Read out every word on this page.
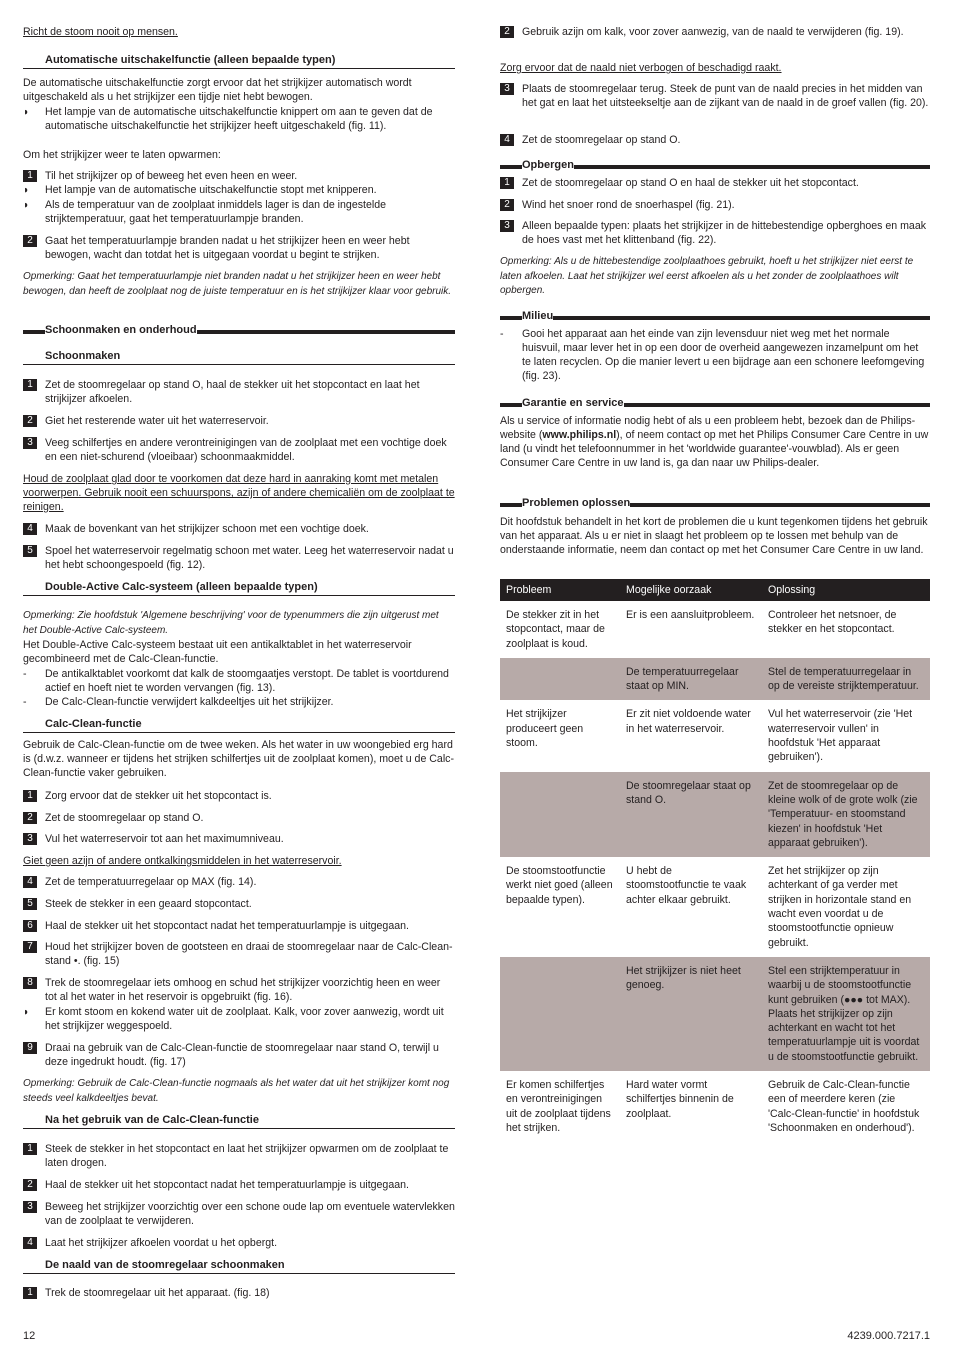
Richt de stoom nooit op mensen.
Automatische uitschakelfunctie (alleen bepaalde typen)
De automatische uitschakelfunctie zorgt ervoor dat het strijkijzer automatisch wordt uitgeschakeld als u het strijkijzer een tijdje niet hebt bewogen.
◗	Het lampje van de automatische uitschakelfunctie knippert om aan te geven dat de automatische uitschakelfunctie het strijkijzer heeft uitgeschakeld (fig. 11).
Om het strijkijzer weer te laten opwarmen:
1	Til het strijkijzer op of beweeg het even heen en weer.
◗	Het lampje van de automatische uitschakelfunctie stopt met knipperen.
◗	Als de temperatuur van de zoolplaat inmiddels lager is dan de ingestelde strijktemperatuur, gaat het temperatuurlampje branden.
2	Gaat het temperatuurlampje branden nadat u het strijkijzer heen en weer hebt bewogen, wacht dan totdat het is uitgegaan voordat u begint te strijken.
Opmerking: Gaat het temperatuurlampje niet branden nadat u het strijkijzer heen en weer hebt bewogen, dan heeft de zoolplaat nog de juiste temperatuur en is het strijkijzer klaar voor gebruik.
Schoonmaken en onderhoud
Schoonmaken
1	Zet de stoomregelaar op stand O, haal de stekker uit het stopcontact en laat het strijkijzer afkoelen.
2	Giet het resterende water uit het waterreservoir.
3	Veeg schilfertjes en andere verontreinigingen van de zoolplaat met een vochtige doek en een niet-schurend (vloeibaar) schoonmaakmiddel.
Houd de zoolplaat glad door te voorkomen dat deze hard in aanraking komt met metalen voorwerpen. Gebruik nooit een schuurspons, azijn of andere chemicaliën om de zoolplaat te reinigen.
4	Maak de bovenkant van het strijkijzer schoon met een vochtige doek.
5	Spoel het waterreservoir regelmatig schoon met water. Leeg het waterreservoir nadat u het hebt schoongespoeld (fig. 12).
Double-Active Calc-systeem (alleen bepaalde typen)
Opmerking: Zie hoofdstuk 'Algemene beschrijving' voor de typenummers die zijn uitgerust met het Double-Active Calc-systeem.
Het Double-Active Calc-systeem bestaat uit een antikalktablet in het waterreservoir gecombineerd met de Calc-Clean-functie.
-	De antikalktablet voorkomt dat kalk de stoomgaatjes verstopt. De tablet is voortdurend actief en hoeft niet te worden vervangen (fig. 13).
-	De Calc-Clean-functie verwijdert kalkdeeltjes uit het strijkijzer.
Calc-Clean-functie
Gebruik de Calc-Clean-functie om de twee weken. Als het water in uw woongebied erg hard is (d.w.z. wanneer er tijdens het strijken schilfertjes uit de zoolplaat komen), moet u de Calc-Clean-functie vaker gebruiken.
1	Zorg ervoor dat de stekker uit het stopcontact is.
2	Zet de stoomregelaar op stand O.
3	Vul het waterreservoir tot aan het maximumniveau.
Giet geen azijn of andere ontkalkingsmiddelen in het waterreservoir.
4	Zet de temperatuurregelaar op MAX (fig. 14).
5	Steek de stekker in een geaard stopcontact.
6	Haal de stekker uit het stopcontact nadat het temperatuurlampje is uitgegaan.
7	Houd het strijkijzer boven de gootsteen en draai de stoomregelaar naar de Calc-Clean-stand •. (fig. 15)
8	Trek de stoomregelaar iets omhoog en schud het strijkijzer voorzichtig heen en weer tot al het water in het reservoir is opgebruikt (fig. 16).
◗	Er komt stoom en kokend water uit de zoolplaat. Kalk, voor zover aanwezig, wordt uit het strijkijzer weggespoeld.
9	Draai na gebruik van de Calc-Clean-functie de stoomregelaar naar stand O, terwijl u deze ingedrukt houdt. (fig. 17)
Opmerking: Gebruik de Calc-Clean-functie nogmaals als het water dat uit het strijkijzer komt nog steeds veel kalkdeeltjes bevat.
Na het gebruik van de Calc-Clean-functie
1	Steek de stekker in het stopcontact en laat het strijkijzer opwarmen om de zoolplaat te laten drogen.
2	Haal de stekker uit het stopcontact nadat het temperatuurlampje is uitgegaan.
3	Beweeg het strijkijzer voorzichtig over een schone oude lap om eventuele watervlekken van de zoolplaat te verwijderen.
4	Laat het strijkijzer afkoelen voordat u het opbergt.
De naald van de stoomregelaar schoonmaken
1	Trek de stoomregelaar uit het apparaat. (fig. 18)
2	Gebruik azijn om kalk, voor zover aanwezig, van de naald te verwijderen (fig. 19).
Zorg ervoor dat de naald niet verbogen of beschadigd raakt.
3	Plaats de stoomregelaar terug. Steek de punt van de naald precies in het midden van het gat en laat het uitsteekseltje aan de zijkant van de naald in de groef vallen (fig. 20).
4	Zet de stoomregelaar op stand O.
Opbergen
1	Zet de stoomregelaar op stand O en haal de stekker uit het stopcontact.
2	Wind het snoer rond de snoerhaspel (fig. 21).
3	Alleen bepaalde typen: plaats het strijkijzer in de hittebestendige opberghoes en maak de hoes vast met het klittenband (fig. 22).
Opmerking: Als u de hittebestendige zoolplaathoes gebruikt, hoeft u het strijkijzer niet eerst te laten afkoelen. Laat het strijkijzer wel eerst afkoelen als u het zonder de zoolplaathoes wilt opbergen.
Milieu
-	Gooi het apparaat aan het einde van zijn levensduur niet weg met het normale huisvuil, maar lever het in op een door de overheid aangewezen inzamelpunt om het te laten recyclen. Op die manier levert u een bijdrage aan een schonere leefomgeving (fig. 23).
Garantie en service
Als u service of informatie nodig hebt of als u een probleem hebt, bezoek dan de Philips-website (www.philips.nl), of neem contact op met het Philips Consumer Care Centre in uw land (u vindt het telefoonnummer in het 'worldwide guarantee'-vouwblad). Als er geen Consumer Care Centre in uw land is, ga dan naar uw Philips-dealer.
Problemen oplossen
Dit hoofdstuk behandelt in het kort de problemen die u kunt tegenkomen tijdens het gebruik van het apparaat. Als u er niet in slaagt het probleem op te lossen met behulp van de onderstaande informatie, neem dan contact op met het Consumer Care Centre in uw land.
Probleem	Mogelijke oorzaak	Oplossing
De stekker zit in het stopcontact, maar de zoolplaat is koud.	Er is een aansluitprobleem.	Controleer het netsnoer, de stekker en het stopcontact.
	De temperatuurregelaar staat op MIN.	Stel de temperatuurregelaar in op de vereiste strijktemperatuur.
Het strijkijzer produceert geen stoom.	Er zit niet voldoende water in het waterreservoir.	Vul het waterreservoir (zie 'Het waterreservoir vullen' in hoofdstuk 'Het apparaat gebruiken').
	De stoomregelaar staat op stand O.	Zet de stoomregelaar op de kleine wolk of de grote wolk (zie 'Temperatuur- en stoomstand kiezen' in hoofdstuk 'Het apparaat gebruiken').
De stoomstootfunctie werkt niet goed (alleen bepaalde typen).	U hebt de stoomstootfunctie te vaak achter elkaar gebruikt.	Zet het strijkijzer op zijn achterkant of ga verder met strijken in horizontale stand en wacht even voordat u de stoomstootfunctie opnieuw gebruikt.
	Het strijkijzer is niet heet genoeg.	Stel een strijktemperatuur in waarbij u de stoomstootfunctie kunt gebruiken (●●● tot MAX). Plaats het strijkijzer op zijn achterkant en wacht tot het temperatuurlampje uit is voordat u de stoomstootfunctie gebruikt.
Er komen schilfertjes en verontreinigingen uit de zoolplaat tijdens het strijken.	Hard water vormt schilfertjes binnenin de zoolplaat.	Gebruik de Calc-Clean-functie een of meerdere keren (zie 'Calc-Clean-functie' in hoofdstuk 'Schoonmaken en onderhoud').
12	4239.000.7217.1
